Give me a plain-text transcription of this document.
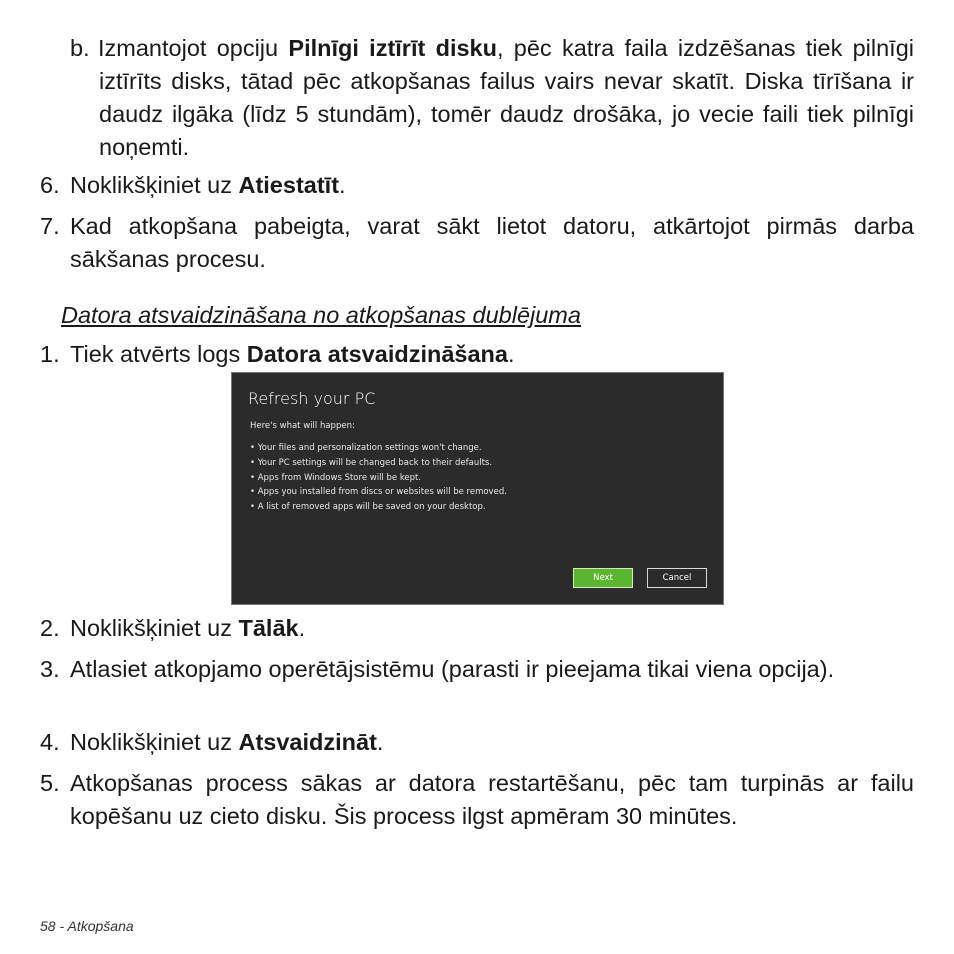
b. Izmantojot opciju Pilnīgi iztīrīt disku, pēc katra faila izdzēšanas tiek pilnīgi iztīrīts disks, tātad pēc atkopšanas failus vairs nevar skatīt. Diska tīrīšana ir daudz ilgāka (līdz 5 stundām), tomēr daudz drošāka, jo vecie faili tiek pilnīgi noņemti.
6. Noklikšķiniet uz Atiestatīt.
7. Kad atkopšana pabeigta, varat sākt lietot datoru, atkārtojot pirmās darba sākšanas procesu.
Datora atsvaidzināšana no atkopšanas dublējuma
1. Tiek atvērts logs Datora atsvaidzināšana.
Refresh your PC
Here's what will happen:
• Your files and personalization settings won't change.
• Your PC settings will be changed back to their defaults.
• Apps from Windows Store will be kept.
• Apps you installed from discs or websites will be removed.
• A list of removed apps will be saved on your desktop.
Next	Cancel
2. Noklikšķiniet uz Tālāk.
3. Atlasiet atkopjamo operētājsistēmu (parasti ir pieejama tikai viena opcija).
4. Noklikšķiniet uz Atsvaidzināt.
5. Atkopšanas process sākas ar datora restartēšanu, pēc tam turpinās ar failu kopēšanu uz cieto disku. Šis process ilgst apmēram 30 minūtes.
58 - Atkopšana
